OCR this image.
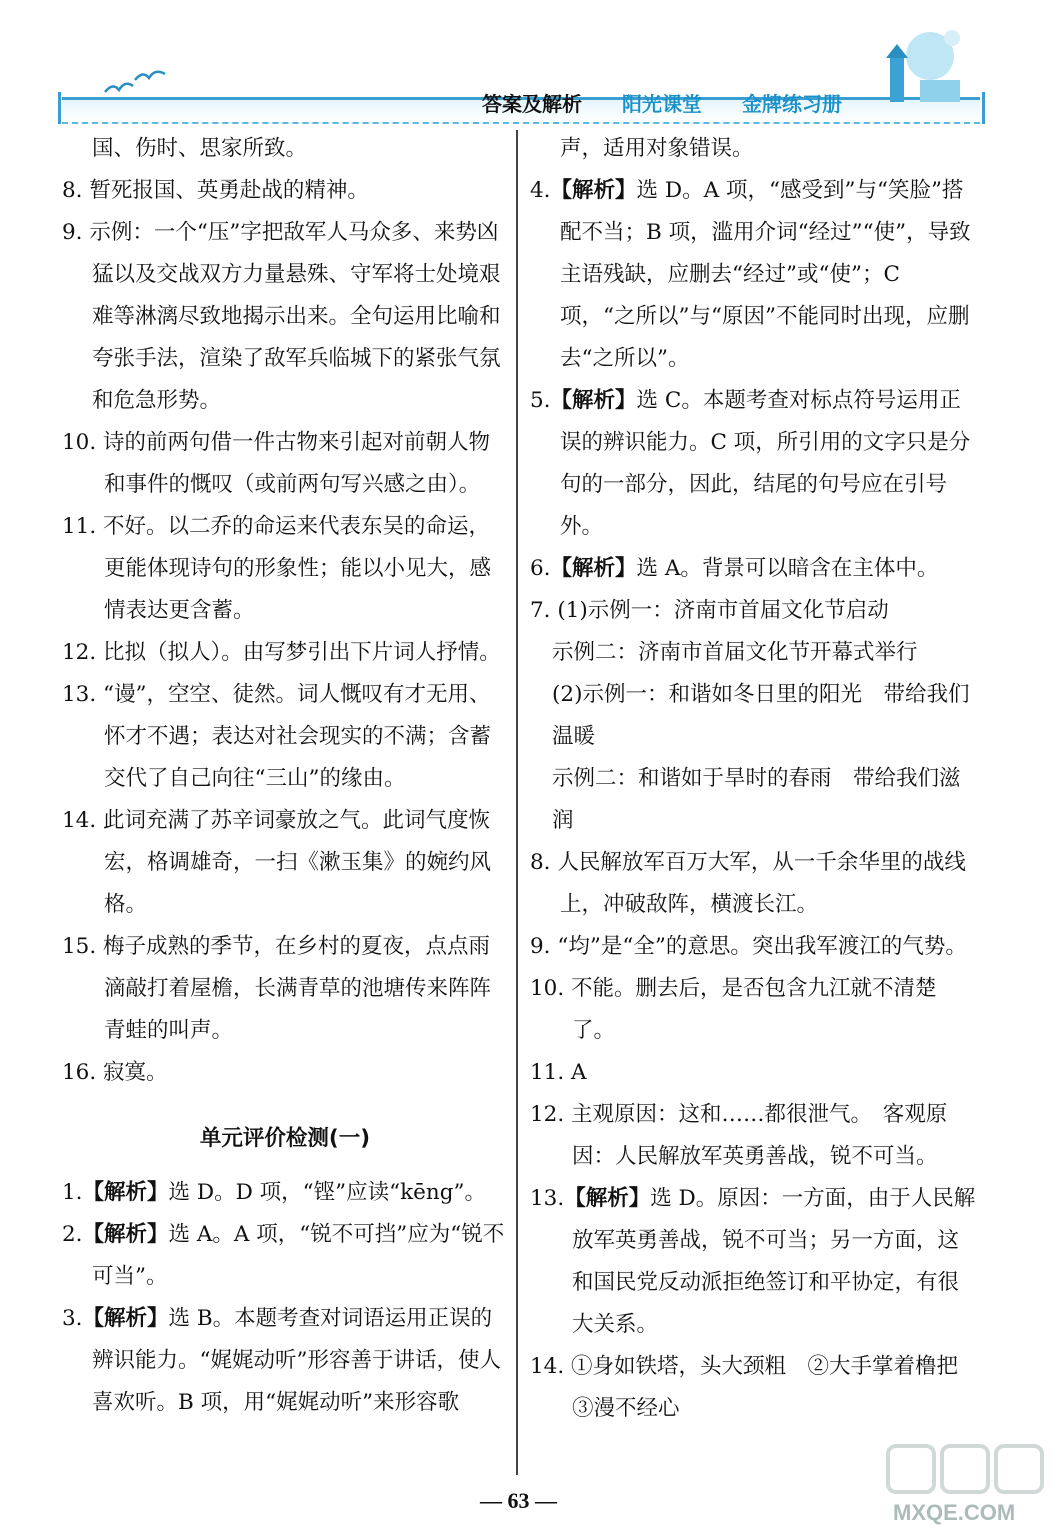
答案及解析 阳光课堂 金牌练习册

国、伤时、思家所致。

8. 暂死报国、英勇赴战的精神。

9. 示例：一个“压”字把敌军人马众多、来势凶猛以及交战双方力量悬殊、守军将士处境艰难等淋漓尽致地揭示出来。全句运用比喻和夸张手法，渲染了敌军兵临城下的紧张气氛和危急形势。

10. 诗的前两句借一件古物来引起对前朝人物和事件的慨叹（或前两句写兴感之由）。

11. 不好。以二乔的命运来代表东吴的命运，更能体现诗句的形象性；能以小见大，感情表达更含蓄。

12. 比拟（拟人）。由写梦引出下片词人抒情。

13. “谩”，空空、徒然。词人慨叹有才无用、怀才不遇；表达对社会现实的不满；含蓄交代了自己向往“三山”的缘由。

14. 此词充满了苏辛词豪放之气。此词气度恢宏，格调雄奇，一扫《漱玉集》的婉约风格。

15. 梅子成熟的季节，在乡村的夏夜，点点雨滴敲打着屋檐，长满青草的池塘传来阵阵青蛙的叫声。

16. 寂寞。

单元评价检测(一)

1.【解析】选 D。D 项，“铿”应读“kēng”。

2.【解析】选 A。A 项，“锐不可挡”应为“锐不可当”。

3.【解析】选 B。本题考查对词语运用正误的辨识能力。“娓娓动听”形容善于讲话，使人喜欢听。B 项，用“娓娓动听”来形容歌

声，适用对象错误。

4.【解析】选 D。A 项，“感受到”与“笑脸”搭配不当；B 项，滥用介词“经过”“使”，导致主语残缺，应删去“经过”或“使”；C 项，“之所以”与“原因”不能同时出现，应删去“之所以”。

5.【解析】选 C。本题考查对标点符号运用正误的辨识能力。C 项，所引用的文字只是分句的一部分，因此，结尾的句号应在引号外。

6.【解析】选 A。背景可以暗含在主体中。

7. (1)示例一：济南市首届文化节启动

示例二：济南市首届文化节开幕式举行

(2)示例一：和谐如冬日里的阳光　带给我们温暖

示例二：和谐如于旱时的春雨　带给我们滋润

8. 人民解放军百万大军，从一千余华里的战线上，冲破敌阵，横渡长江。

9. “均”是“全”的意思。突出我军渡江的气势。

10. 不能。删去后，是否包含九江就不清楚了。

11. A

12. 主观原因：这和……都很泄气。　客观原因：人民解放军英勇善战，锐不可当。

13.【解析】选 D。原因：一方面，由于人民解放军英勇善战，锐不可当；另一方面，这和国民党反动派拒绝签订和平协定，有很大关系。

14. ①身如铁塔，头大颈粗　②大手掌着橹把　③漫不经心

— 63 —	MXQE.COM
